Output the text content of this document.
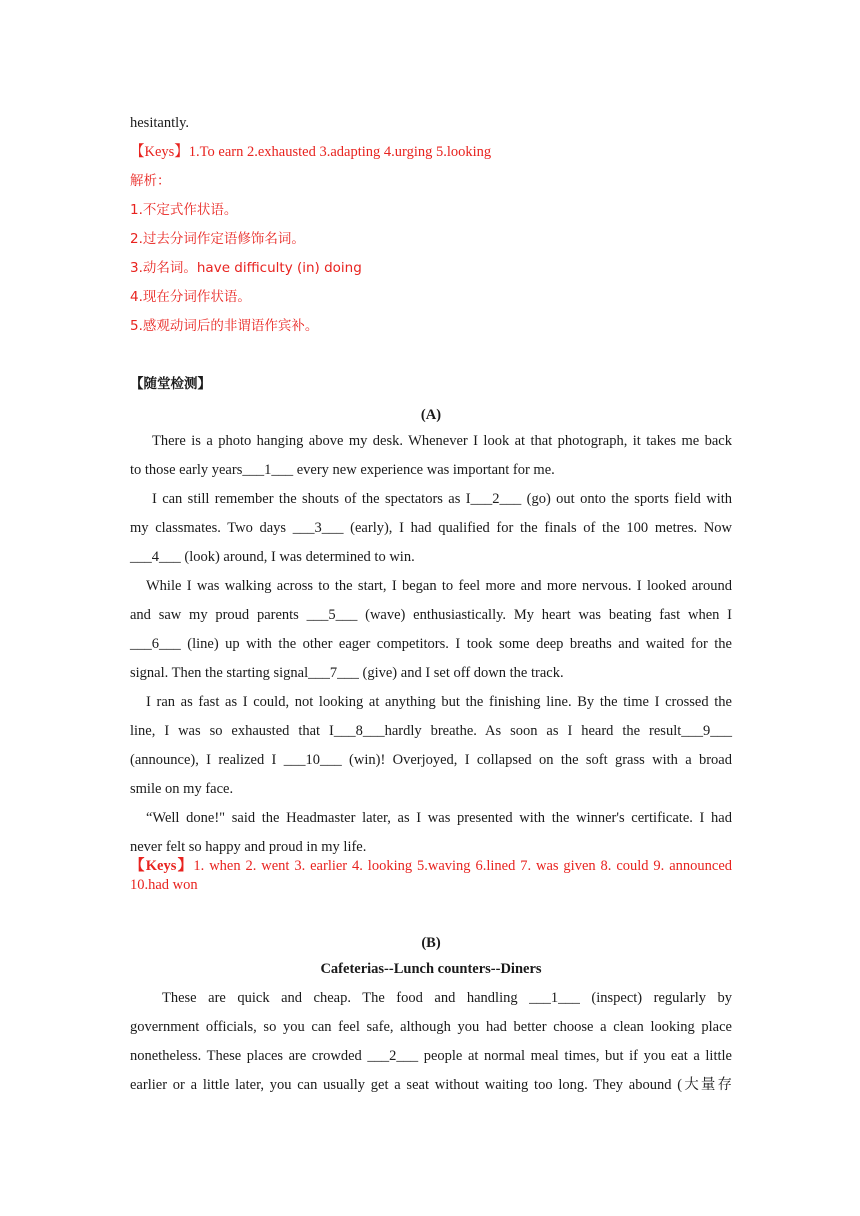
hesitantly.
【Keys】1.To earn 2.exhausted 3.adapting 4.urging 5.looking
解析：
1.不定式作状语。
2.过去分词作定语修饰名词。
3.动名词。have difficulty (in) doing
4.现在分词作状语。
5.感观动词后的非谓语作宾补。
【随堂检测】
(A)
There is a photo hanging above my desk. Whenever I look at that photograph, it takes me back
to those early years___1___ every new experience was important for me.
I can still remember the shouts of the spectators as I___2___ (go) out onto the sports field with
my classmates. Two days ___3___ (early), I had qualified for the finals of the 100 metres. Now
___4___ (look) around, I was determined to win.
While I was walking across to the start, I began to feel more and more nervous. I looked around
and saw my proud parents ___5___ (wave) enthusiastically. My heart was beating fast when I
___6___ (line) up with the other eager competitors. I took some deep breaths and waited for the
signal. Then the starting signal___7___ (give) and I set off down the track.
I ran as fast as I could, not looking at anything but the finishing line. By the time I crossed the
line, I was so exhausted that I___8___hardly breathe. As soon as I heard the result___9___
(announce), I realized I ___10___ (win)! Overjoyed, I collapsed on the soft grass with a broad
smile on my face.
“Well done!" said the Headmaster later, as I was presented with the winner's certificate. I had
never felt so happy and proud in my life.
【Keys】1. when 2. went 3. earlier 4. looking 5.waving 6.lined 7. was given 8. could 9. announced
10.had won
(B)
Cafeterias--Lunch counters--Diners
These are quick and cheap. The food and handling ___1___ (inspect) regularly by
government officials, so you can feel safe, although you had better choose a clean looking place
nonetheless. These places are crowded ___2___ people at normal meal times, but if you eat a little
earlier or a little later, you can usually get a seat without waiting too long. They abound (大量存
